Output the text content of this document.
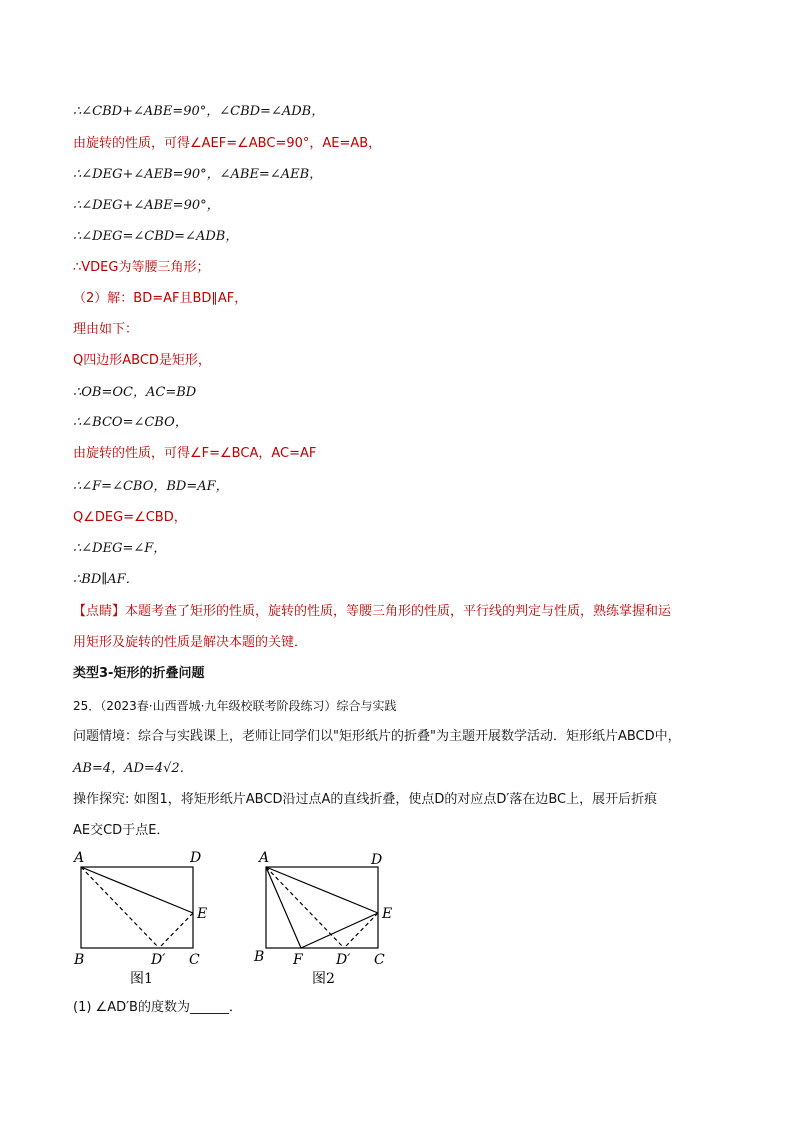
∴∠CBD+∠ABE=90°，∠CBD=∠ADB，
由旋转的性质，可得∠AEF=∠ABC=90°，AE=AB，
∴∠DEG+∠AEB=90°，∠ABE=∠AEB，
∴∠DEG+∠ABE=90°，
∴∠DEG=∠CBD=∠ADB，
∴VDEG为等腰三角形；
（2）解：BD=AF且BD∥AF，
理由如下：
Q四边形ABCD是矩形，
∴OB=OC，AC=BD
∴∠BCO=∠CBO，
由旋转的性质，可得∠F=∠BCA，AC=AF
∴∠F=∠CBO，BD=AF，
Q∠DEG=∠CBD，
∴∠DEG=∠F，
∴BD∥AF．
【点睛】本题考查了矩形的性质，旋转的性质，等腰三角形的性质，平行线的判定与性质，熟练掌握和运
用矩形及旋转的性质是解决本题的关键．
类型3-矩形的折叠问题
25．（2023春·山西晋城·九年级校联考阶段练习）综合与实践
问题情境：综合与实践课上，老师让同学们以"矩形纸片的折叠"为主题开展数学活动．矩形纸片ABCD中，
AB=4，AD=4√2．
操作探究: 如图1，将矩形纸片ABCD沿过点A的直线折叠，使点D的对应点D′落在边BC上，展开后折痕
AE交CD于点E．
(1) ∠AD′B的度数为______．
A	D
E
B	D′ C
图1
A	D
E
B F D′ C
图2
